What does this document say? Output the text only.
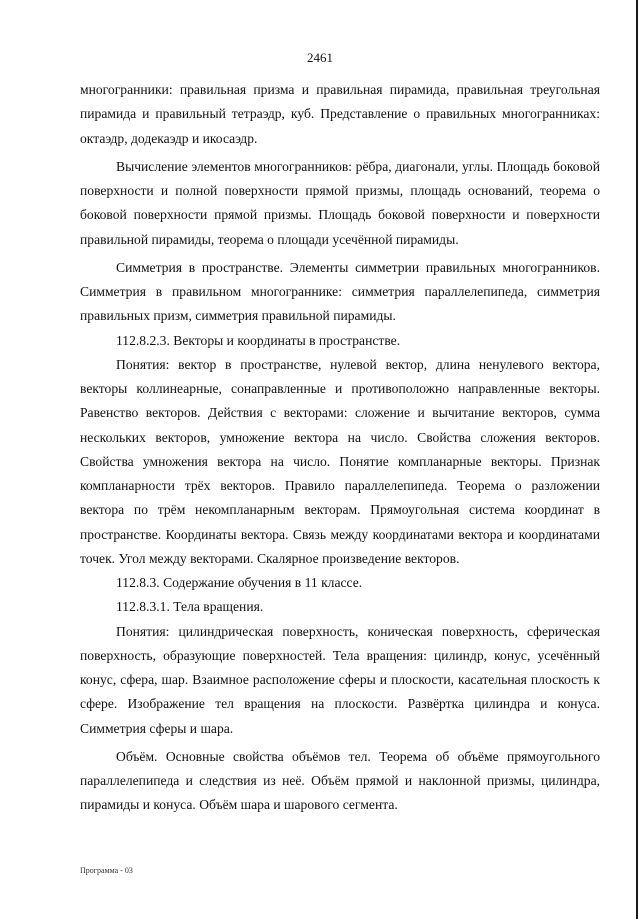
2461

многогранники: правильная призма и правильная пирамида, правильная треугольная пирамида и правильный тетраэдр, куб. Представление о правильных многогранниках: октаэдр, додекаэдр и икосаэдр.

Вычисление элементов многогранников: рёбра, диагонали, углы. Площадь боковой поверхности и полной поверхности прямой призмы, площадь оснований, теорема о боковой поверхности прямой призмы. Площадь боковой поверхности и поверхности правильной пирамиды, теорема о площади усечённой пирамиды.

Симметрия в пространстве. Элементы симметрии правильных многогранников. Симметрия в правильном многограннике: симметрия параллелепипеда, симметрия правильных призм, симметрия правильной пирамиды.

112.8.2.3. Векторы и координаты в пространстве.

Понятия: вектор в пространстве, нулевой вектор, длина ненулевого вектора, векторы коллинеарные, сонаправленные и противоположно направленные векторы. Равенство векторов. Действия с векторами: сложение и вычитание векторов, сумма нескольких векторов, умножение вектора на число. Свойства сложения векторов. Свойства умножения вектора на число. Понятие компланарные векторы. Признак компланарности трёх векторов. Правило параллелепипеда. Теорема о разложении вектора по трём некомпланарным векторам. Прямоугольная система координат в пространстве. Координаты вектора. Связь между координатами вектора и координатами точек. Угол между векторами. Скалярное произведение векторов.

112.8.3. Содержание обучения в 11 классе.

112.8.3.1. Тела вращения.

Понятия: цилиндрическая поверхность, коническая поверхность, сферическая поверхность, образующие поверхностей. Тела вращения: цилиндр, конус, усечённый конус, сфера, шар. Взаимное расположение сферы и плоскости, касательная плоскость к сфере. Изображение тел вращения на плоскости. Развёртка цилиндра и конуса. Симметрия сферы и шара.

Объём. Основные свойства объёмов тел. Теорема об объёме прямоугольного параллелепипеда и следствия из неё. Объём прямой и наклонной призмы, цилиндра, пирамиды и конуса. Объём шара и шарового сегмента.

Программа - 03
